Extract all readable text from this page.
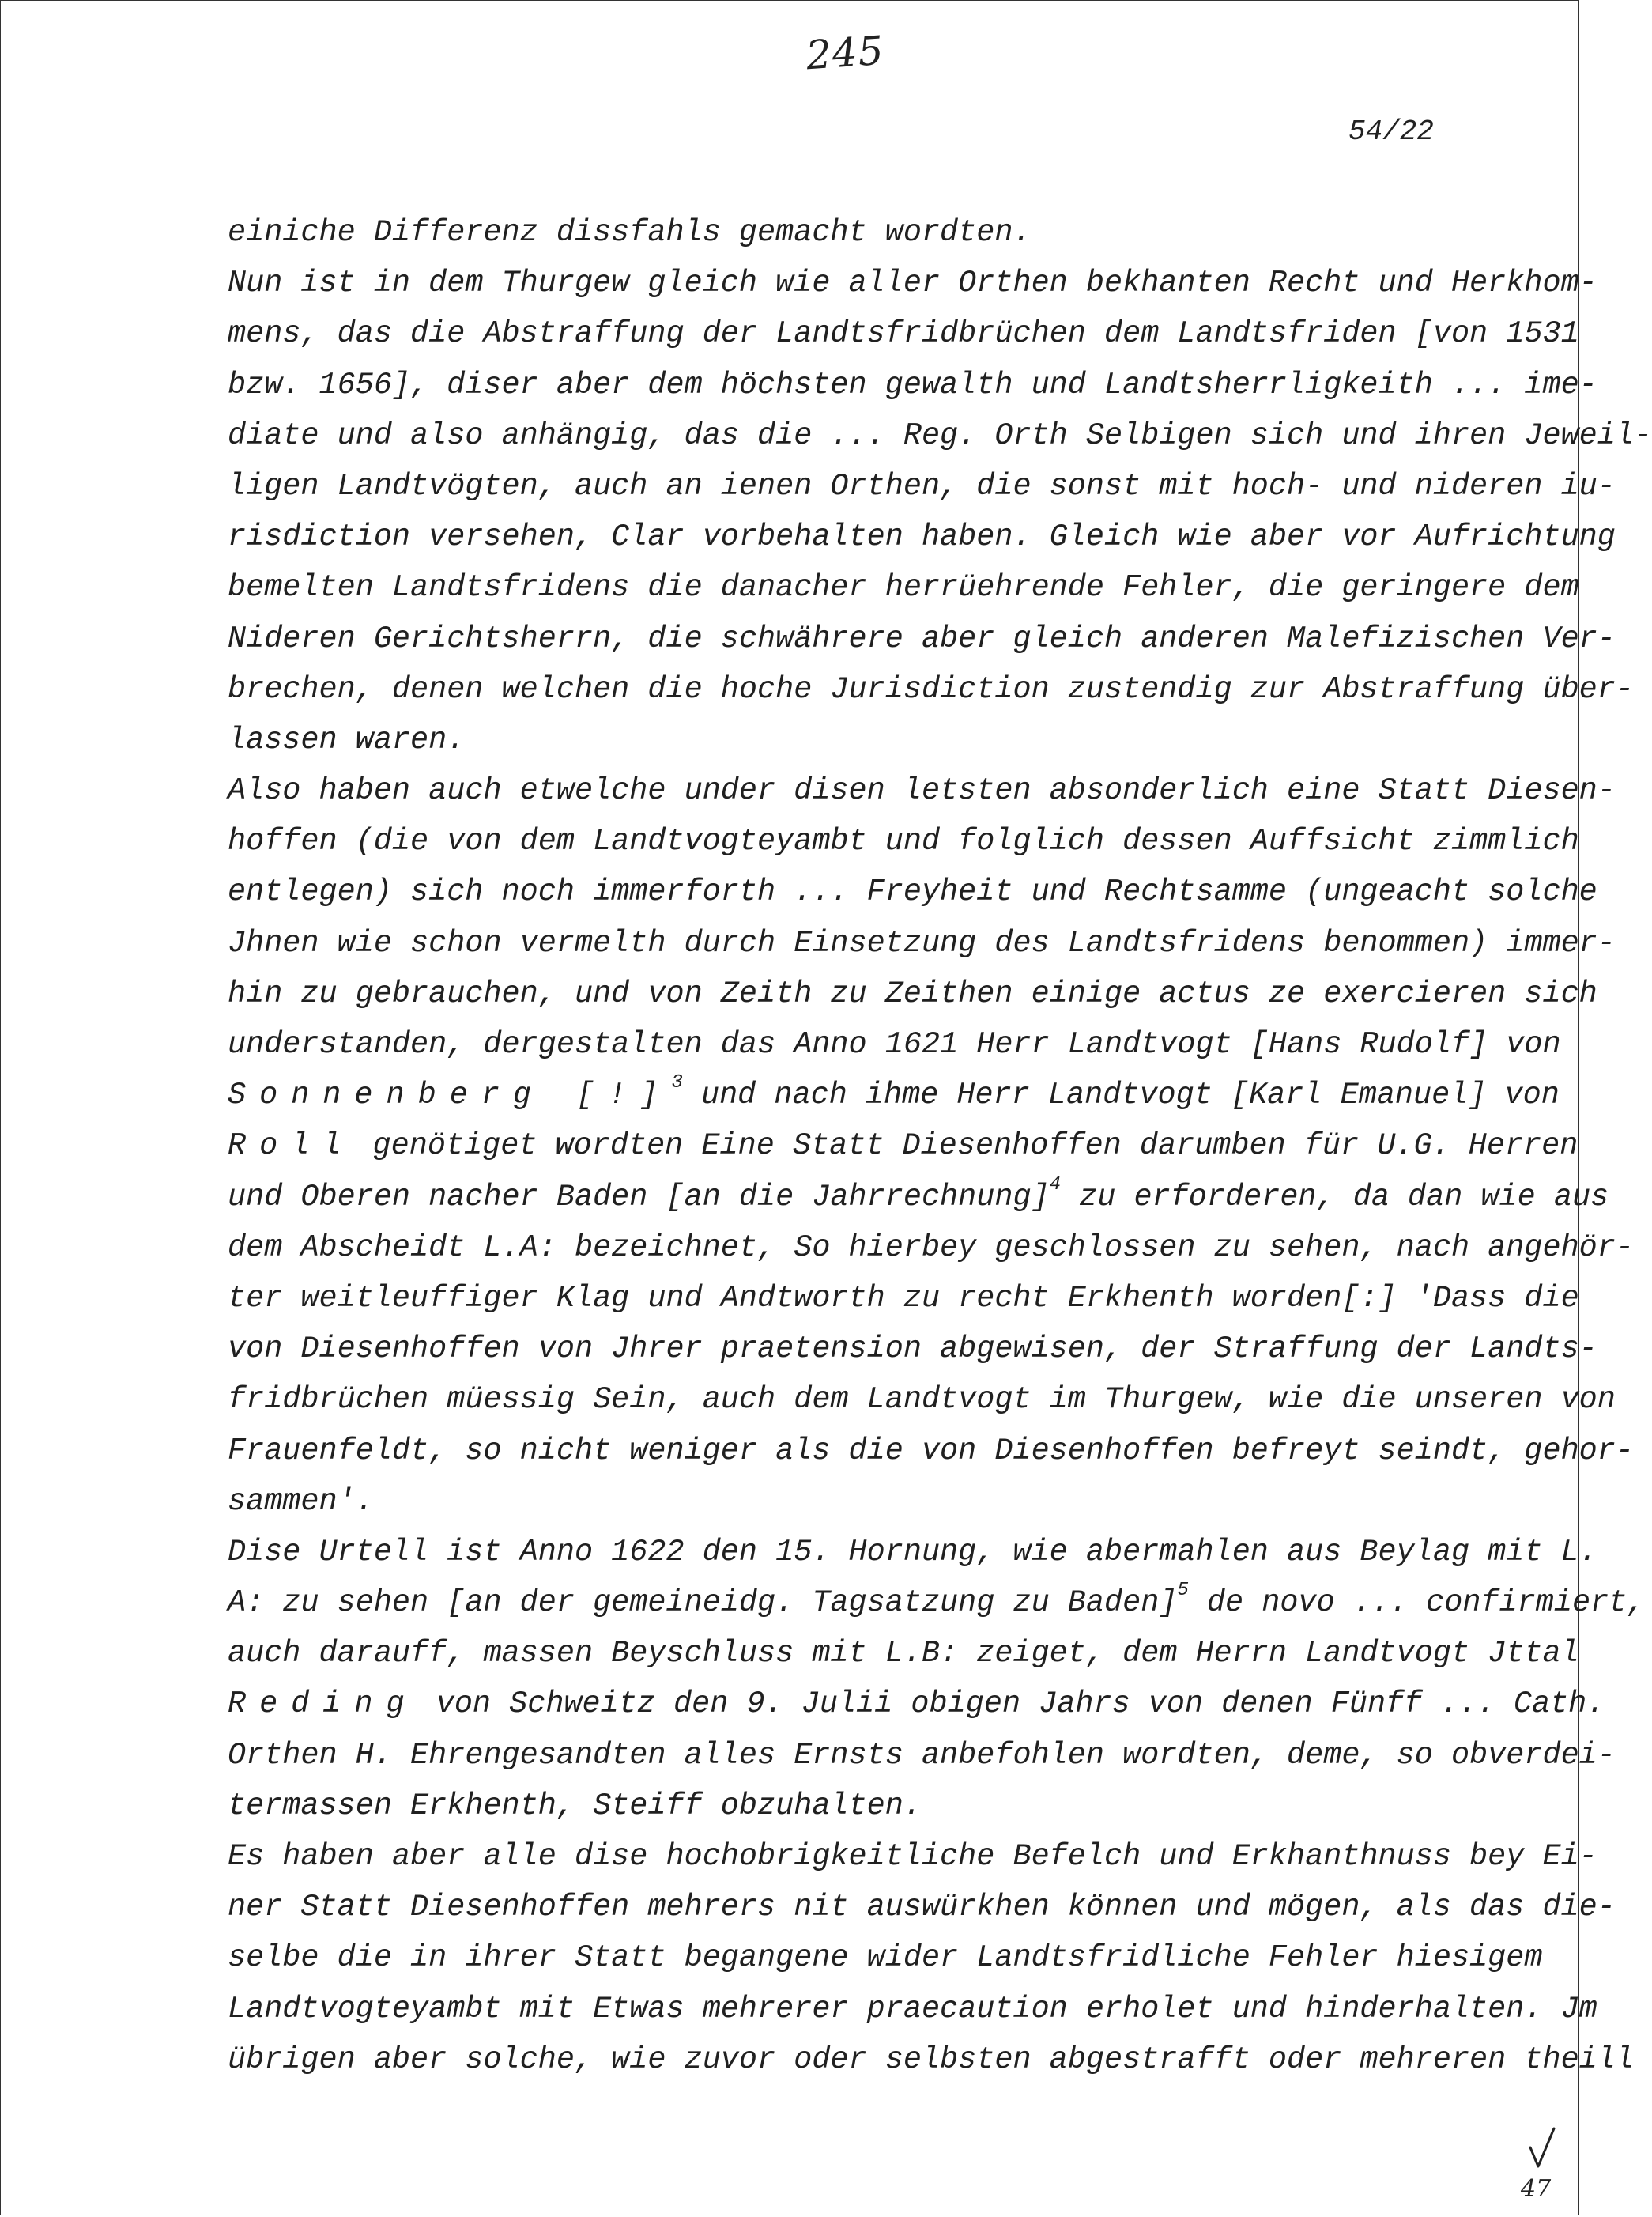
245
54/22
einiche Differenz dissfahls gemacht wordten.
Nun ist in dem Thurgew gleich wie aller Orthen bekhanten Recht und Herkhom-
mens, das die Abstraffung der Landtsfridbrüchen dem Landtsfriden [von 1531
bzw. 1656], diser aber dem höchsten gewalth und Landtsherrligkeith ... ime-
diate und also anhängig, das die ... Reg. Orth Selbigen sich und ihren Jeweil-
ligen Landtvögten, auch an ienen Orthen, die sonst mit hoch- und nideren iu-
risdiction versehen, Clar vorbehalten haben. Gleich wie aber vor Aufrichtung
bemelten Landtsfridens die danacher herrüehrende Fehler, die geringere dem
Nideren Gerichtsherrn, die schwährere aber gleich anderen Malefizischen Ver-
brechen, denen welchen die hoche Jurisdiction zustendig zur Abstraffung über-
lassen waren.
Also haben auch etwelche under disen letsten absonderlich eine Statt Diesen-
hoffen (die von dem Landtvogteyambt und folglich dessen Auffsicht zimmlich
entlegen) sich noch immerforth ... Freyheit und Rechtsamme (ungeacht solche
Jhnen wie schon vermelth durch Einsetzung des Landtsfridens benommen) immer-
hin zu gebrauchen, und von Zeith zu Zeithen einige actus ze exercieren sich
understanden, dergestalten das Anno 1621 Herr Landtvogt [Hans Rudolf] von
Sonnenberg [!]$^3$ und nach ihme Herr Landtvogt [Karl Emanuel] von
Roll genötiget wordten Eine Statt Diesenhoffen darumben für U.G. Herren
und Oberen nacher Baden [an die Jahrrechnung]$^4$ zu erforderen, da dan wie aus
dem Abscheidt L.A: bezeichnet, So hierbey geschlossen zu sehen, nach angehör-
ter weitleuffiger Klag und Andtworth zu recht Erkhenth worden[:] 'Dass die
von Diesenhoffen von Jhrer praetension abgewisen, der Straffung der Landts-
fridbrüchen müessig Sein, auch dem Landtvogt im Thurgew, wie die unseren von
Frauenfeldt, so nicht weniger als die von Diesenhoffen befreyt seindt, gehor-
sammen'.
Dise Urtell ist Anno 1622 den 15. Hornung, wie abermahlen aus Beylag mit L.
A: zu sehen [an der gemeineidg. Tagsatzung zu Baden]$^5$ de novo ... confirmiert,
auch darauff, massen Beyschluss mit L.B: zeiget, dem Herrn Landtvogt Jttal
Reding von Schweitz den 9. Julii obigen Jahrs von denen Fünff ... Cath.
Orthen H. Ehrengesandten alles Ernsts anbefohlen wordten, deme, so obverdei-
termassen Erkhenth, Steiff obzuhalten.
Es haben aber alle dise hochobrigkeitliche Befelch und Erkhanthnuss bey Ei-
ner Statt Diesenhoffen mehrers nit auswürkhen können und mögen, als das die-
selbe die in ihrer Statt begangene wider Landtsfridliche Fehler hiesigem
Landtvogteyambt mit Etwas mehrerer praecaution erholet und hinderhalten. Jm
übrigen aber solche, wie zuvor oder selbsten abgestrafft oder mehreren theill
47
